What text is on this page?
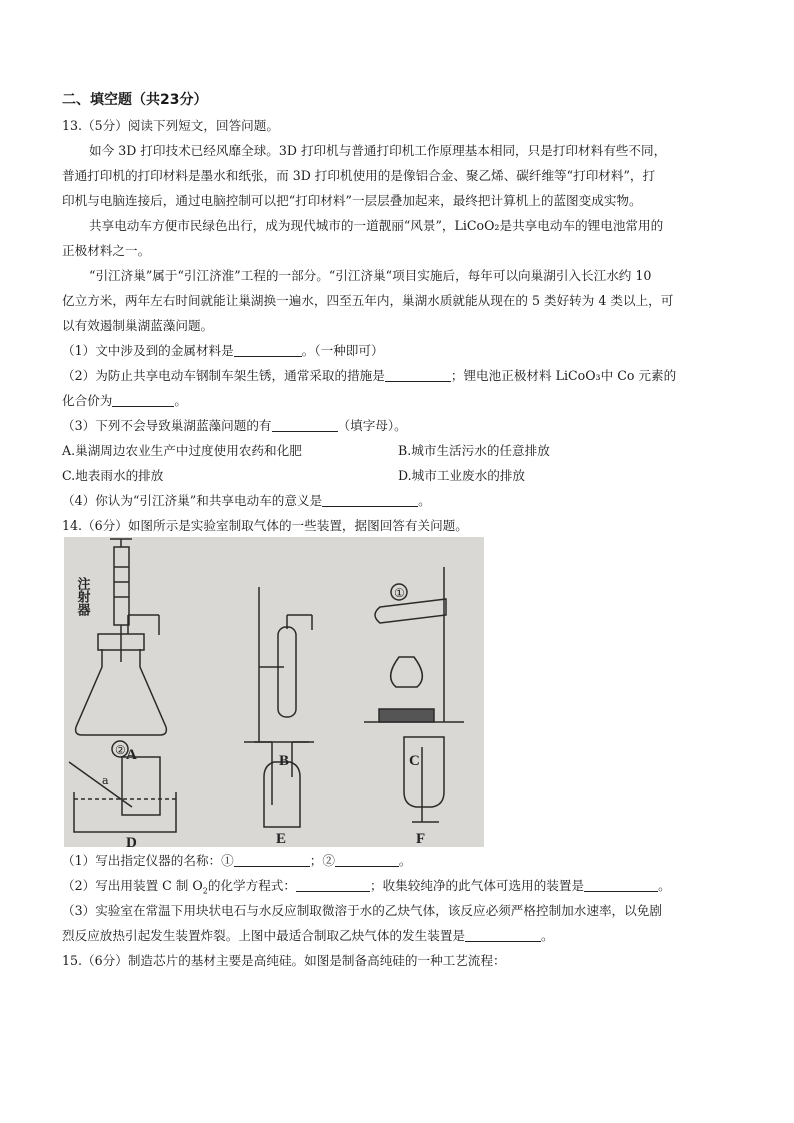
二、填空题（共23分）
13.（5分）阅读下列短文，回答问题。
如今 3D 打印技术已经风靡全球。3D 打印机与普通打印机工作原理基本相同，只是打印材料有些不同，
普通打印机的打印材料是墨水和纸张，而 3D 打印机使用的是像铝合金、聚乙烯、碳纤维等“打印材料”，打
印机与电脑连接后，通过电脑控制可以把“打印材料”一层层叠加起来，最终把计算机上的蓝图变成实物。
共享电动车方便市民绿色出行，成为现代城市的一道靓丽“风景”，LiCoO₂是共享电动车的锂电池常用的
正极材料之一。
“引江济巢”属于“引江济淮”工程的一部分。“引江济巢“项目实施后，每年可以向巢湖引入长江水约 10
亿立方米，两年左右时间就能让巢湖换一遍水，四至五年内，巢湖水质就能从现在的 5 类好转为 4 类以上，可
以有效遏制巢湖蓝藻问题。
（1）文中涉及到的金属材料是	。（一种即可）
（2）为防止共享电动车钢制车架生锈，通常采取的措施是	；锂电池正极材料 LiCoO₃中 Co 元素的
化合价为	。
（3）下列不会导致巢湖蓝藻问题的有	（填字母）。
A.巢湖周边农业生产中过度使用农药和化肥	B.城市生活污水的任意排放
C.地表雨水的排放	D.城市工业废水的排放
（4）你认为“引江济巢”和共享电动车的意义是	。
14.（6分）如图所示是实验室制取气体的一些装置，据图回答有关问题。
A	B	C
D	E	F
注射器	①
②
a
（1）写出指定仪器的名称：①	；②	。
（2）写出用装置 C 制 $O_2$的化学方程式：	；收集较纯净的此气体可选用的装置是	。
（3）实验室在常温下用块状电石与水反应制取微溶于水的乙炔气体，该反应必须严格控制加水速率，以免剧
烈反应放热引起发生装置炸裂。上图中最适合制取乙炔气体的发生装置是	。
15.（6分）制造芯片的基材主要是高纯硅。如图是制备高纯硅的一种工艺流程：
